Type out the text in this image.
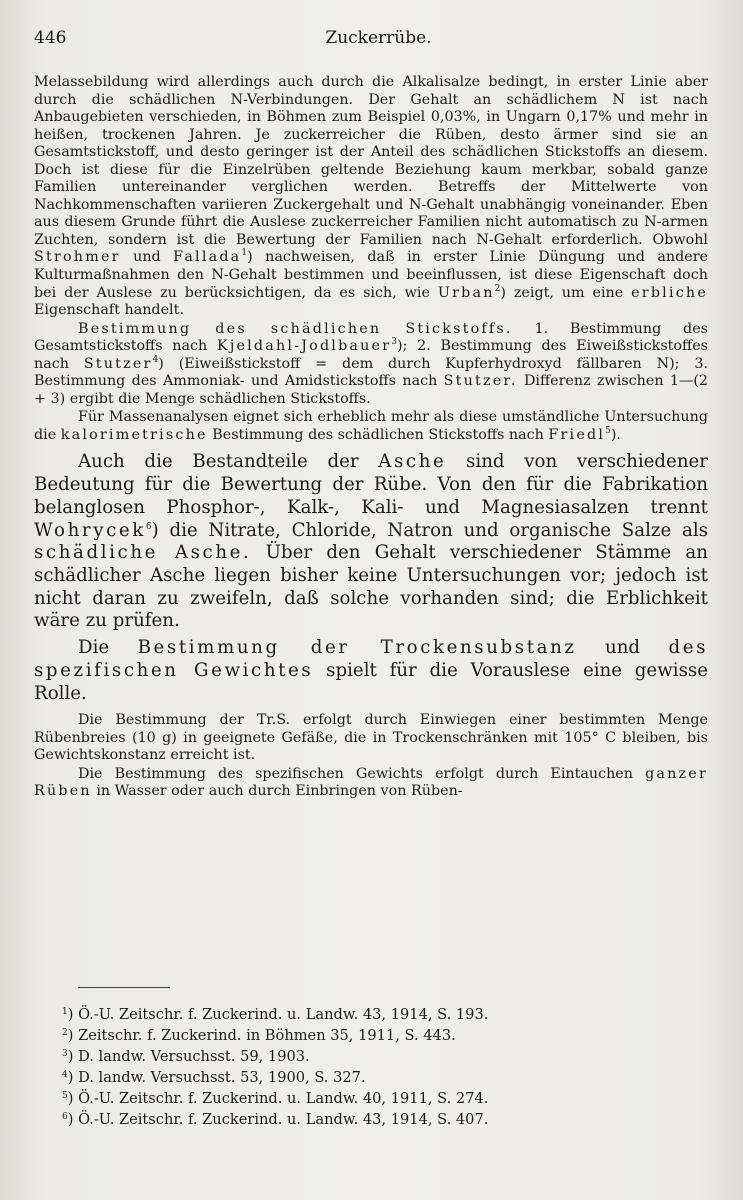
446	Zuckerrübe.

Melassebildung wird allerdings auch durch die Alkalisalze bedingt, in erster Linie aber durch die schädlichen N-Verbindungen. Der Gehalt an schädlichem N ist nach Anbaugebieten verschieden, in Böhmen zum Beispiel 0,03%, in Ungarn 0,17% und mehr in heißen, trockenen Jahren. Je zuckerreicher die Rüben, desto ärmer sind sie an Gesamtstickstoff, und desto geringer ist der Anteil des schädlichen Stickstoffs an diesem. Doch ist diese für die Einzelrüben geltende Beziehung kaum merkbar, sobald ganze Familien untereinander verglichen werden. Betreffs der Mittelwerte von Nachkommenschaften variieren Zuckergehalt und N-Gehalt unabhängig voneinander. Eben aus diesem Grunde führt die Auslese zuckerreicher Familien nicht automatisch zu N-armen Zuchten, sondern ist die Bewertung der Familien nach N-Gehalt erforderlich. Obwohl Strohmer und Fallada$^1$) nachweisen, daß in erster Linie Düngung und andere Kulturmaßnahmen den N-Gehalt bestimmen und beeinflussen, ist diese Eigenschaft doch bei der Auslese zu berücksichtigen, da es sich, wie Urban$^2$) zeigt, um eine erbliche Eigenschaft handelt.

Bestimmung des schädlichen Stickstoffs. 1. Bestimmung des Gesamtstickstoffs nach Kjeldahl-Jodlbauer$^3$); 2. Bestimmung des Eiweißstickstoffes nach Stutzer$^4$) (Eiweißstickstoff = dem durch Kupferhydroxyd fällbaren N); 3. Bestimmung des Ammoniak- und Amidstickstoffs nach Stutzer. Differenz zwischen 1—(2 + 3) ergibt die Menge schädlichen Stickstoffs.

Für Massenanalysen eignet sich erheblich mehr als diese umständliche Untersuchung die kalorimetrische Bestimmung des schädlichen Stickstoffs nach Friedl$^5$).

Auch die Bestandteile der Asche sind von verschiedener Bedeutung für die Bewertung der Rübe. Von den für die Fabrikation belanglosen Phosphor-, Kalk-, Kali- und Magnesiasalzen trennt Wohrycek$^6$) die Nitrate, Chloride, Natron und organische Salze als schädliche Asche. Über den Gehalt verschiedener Stämme an schädlicher Asche liegen bisher keine Untersuchungen vor; jedoch ist nicht daran zu zweifeln, daß solche vorhanden sind; die Erblichkeit wäre zu prüfen.

Die Bestimmung der Trockensubstanz und des spezifischen Gewichtes spielt für die Vorauslese eine gewisse Rolle.

Die Bestimmung der Tr.S. erfolgt durch Einwiegen einer bestimmten Menge Rübenbreies (10 g) in geeignete Gefäße, die in Trockenschränken mit 105° C bleiben, bis Gewichtskonstanz erreicht ist.

Die Bestimmung des spezifischen Gewichts erfolgt durch Eintauchen ganzer Rüben in Wasser oder auch durch Einbringen von Rüben-

$^1$) Ö.-U. Zeitschr. f. Zuckerind. u. Landw. 43, 1914, S. 193.
$^2$) Zeitschr. f. Zuckerind. in Böhmen 35, 1911, S. 443.
$^3$) D. landw. Versuchsst. 59, 1903.
$^4$) D. landw. Versuchsst. 53, 1900, S. 327.
$^5$) Ö.-U. Zeitschr. f. Zuckerind. u. Landw. 40, 1911, S. 274.
$^6$) Ö.-U. Zeitschr. f. Zuckerind. u. Landw. 43, 1914, S. 407.
